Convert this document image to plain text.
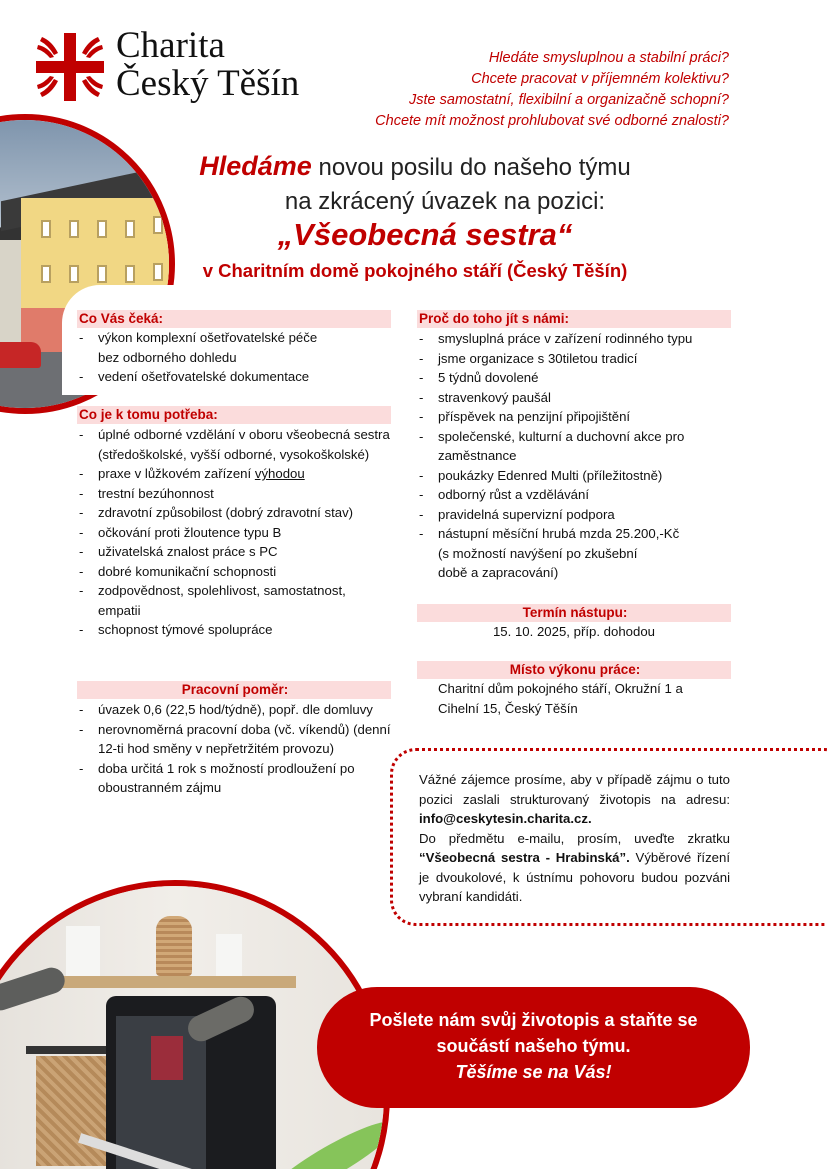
Charita
Český Těšín
Hledáte smysluplnou a stabilní práci?
Chcete pracovat v příjemném kolektivu?
Jste samostatní, flexibilní a organizačně schopní?
Chcete mít možnost prohlubovat své odborné znalosti?
Hledáme novou posilu do našeho týmu
na zkrácený úvazek na pozici:
„Všeobecná sestra“
v Charitním domě pokojného stáří (Český Těšín)
Co Vás čeká:
- výkon komplexní ošetřovatelské péče
bez odborného dohledu
- vedení ošetřovatelské dokumentace
Co je k tomu potřeba:
- úplné odborné vzdělání v oboru všeobecná sestra (středoškolské, vyšší odborné, vysokoškolské)
- praxe v lůžkovém zařízení výhodou
- trestní bezúhonnost
- zdravotní způsobilost (dobrý zdravotní stav)
- očkování proti žloutence typu B
- uživatelská znalost práce s PC
- dobré komunikační schopnosti
- zodpovědnost, spolehlivost, samostatnost, empatii
- schopnost týmové spolupráce
Pracovní poměr:
- úvazek 0,6 (22,5 hod/týdně), popř. dle domluvy
- nerovnoměrná pracovní doba (vč. víkendů) (denní 12-ti hod směny v nepřetržitém provozu)
- doba určitá 1 rok s možností prodloužení po oboustranném zájmu
Proč do toho jít s námi:
- smysluplná práce v zařízení rodinného typu
- jsme organizace s 30tiletou tradicí
- 5 týdnů dovolené
- stravenkový paušál
- příspěvek na penzijní připojištění
- společenské, kulturní a duchovní akce pro zaměstnance
- poukázky Edenred Multi (příležitostně)
- odborný růst a vzdělávání
- pravidelná supervizní podpora
- nástupní měsíční hrubá mzda 25.200,-Kč
(s možností navýšení po zkušební době a zapracování)
Termín nástupu:
15. 10. 2025, příp. dohodou
Místo výkonu práce:
Charitní dům pokojného stáří, Okružní 1 a Cihelní 15, Český Těšín
Vážné zájemce prosíme, aby v případě zájmu o tuto pozici zaslali strukturovaný životopis na adresu: info@ceskytesin.charita.cz.
Do předmětu e-mailu, prosím, uveďte zkratku “Všeobecná sestra - Hrabinská”. Výběrové řízení je dvoukolové, k ústnímu pohovoru budou pozváni vybraní kandidáti.
Pošlete nám svůj životopis a staňte se
součástí našeho týmu.
Těšíme se na Vás!
